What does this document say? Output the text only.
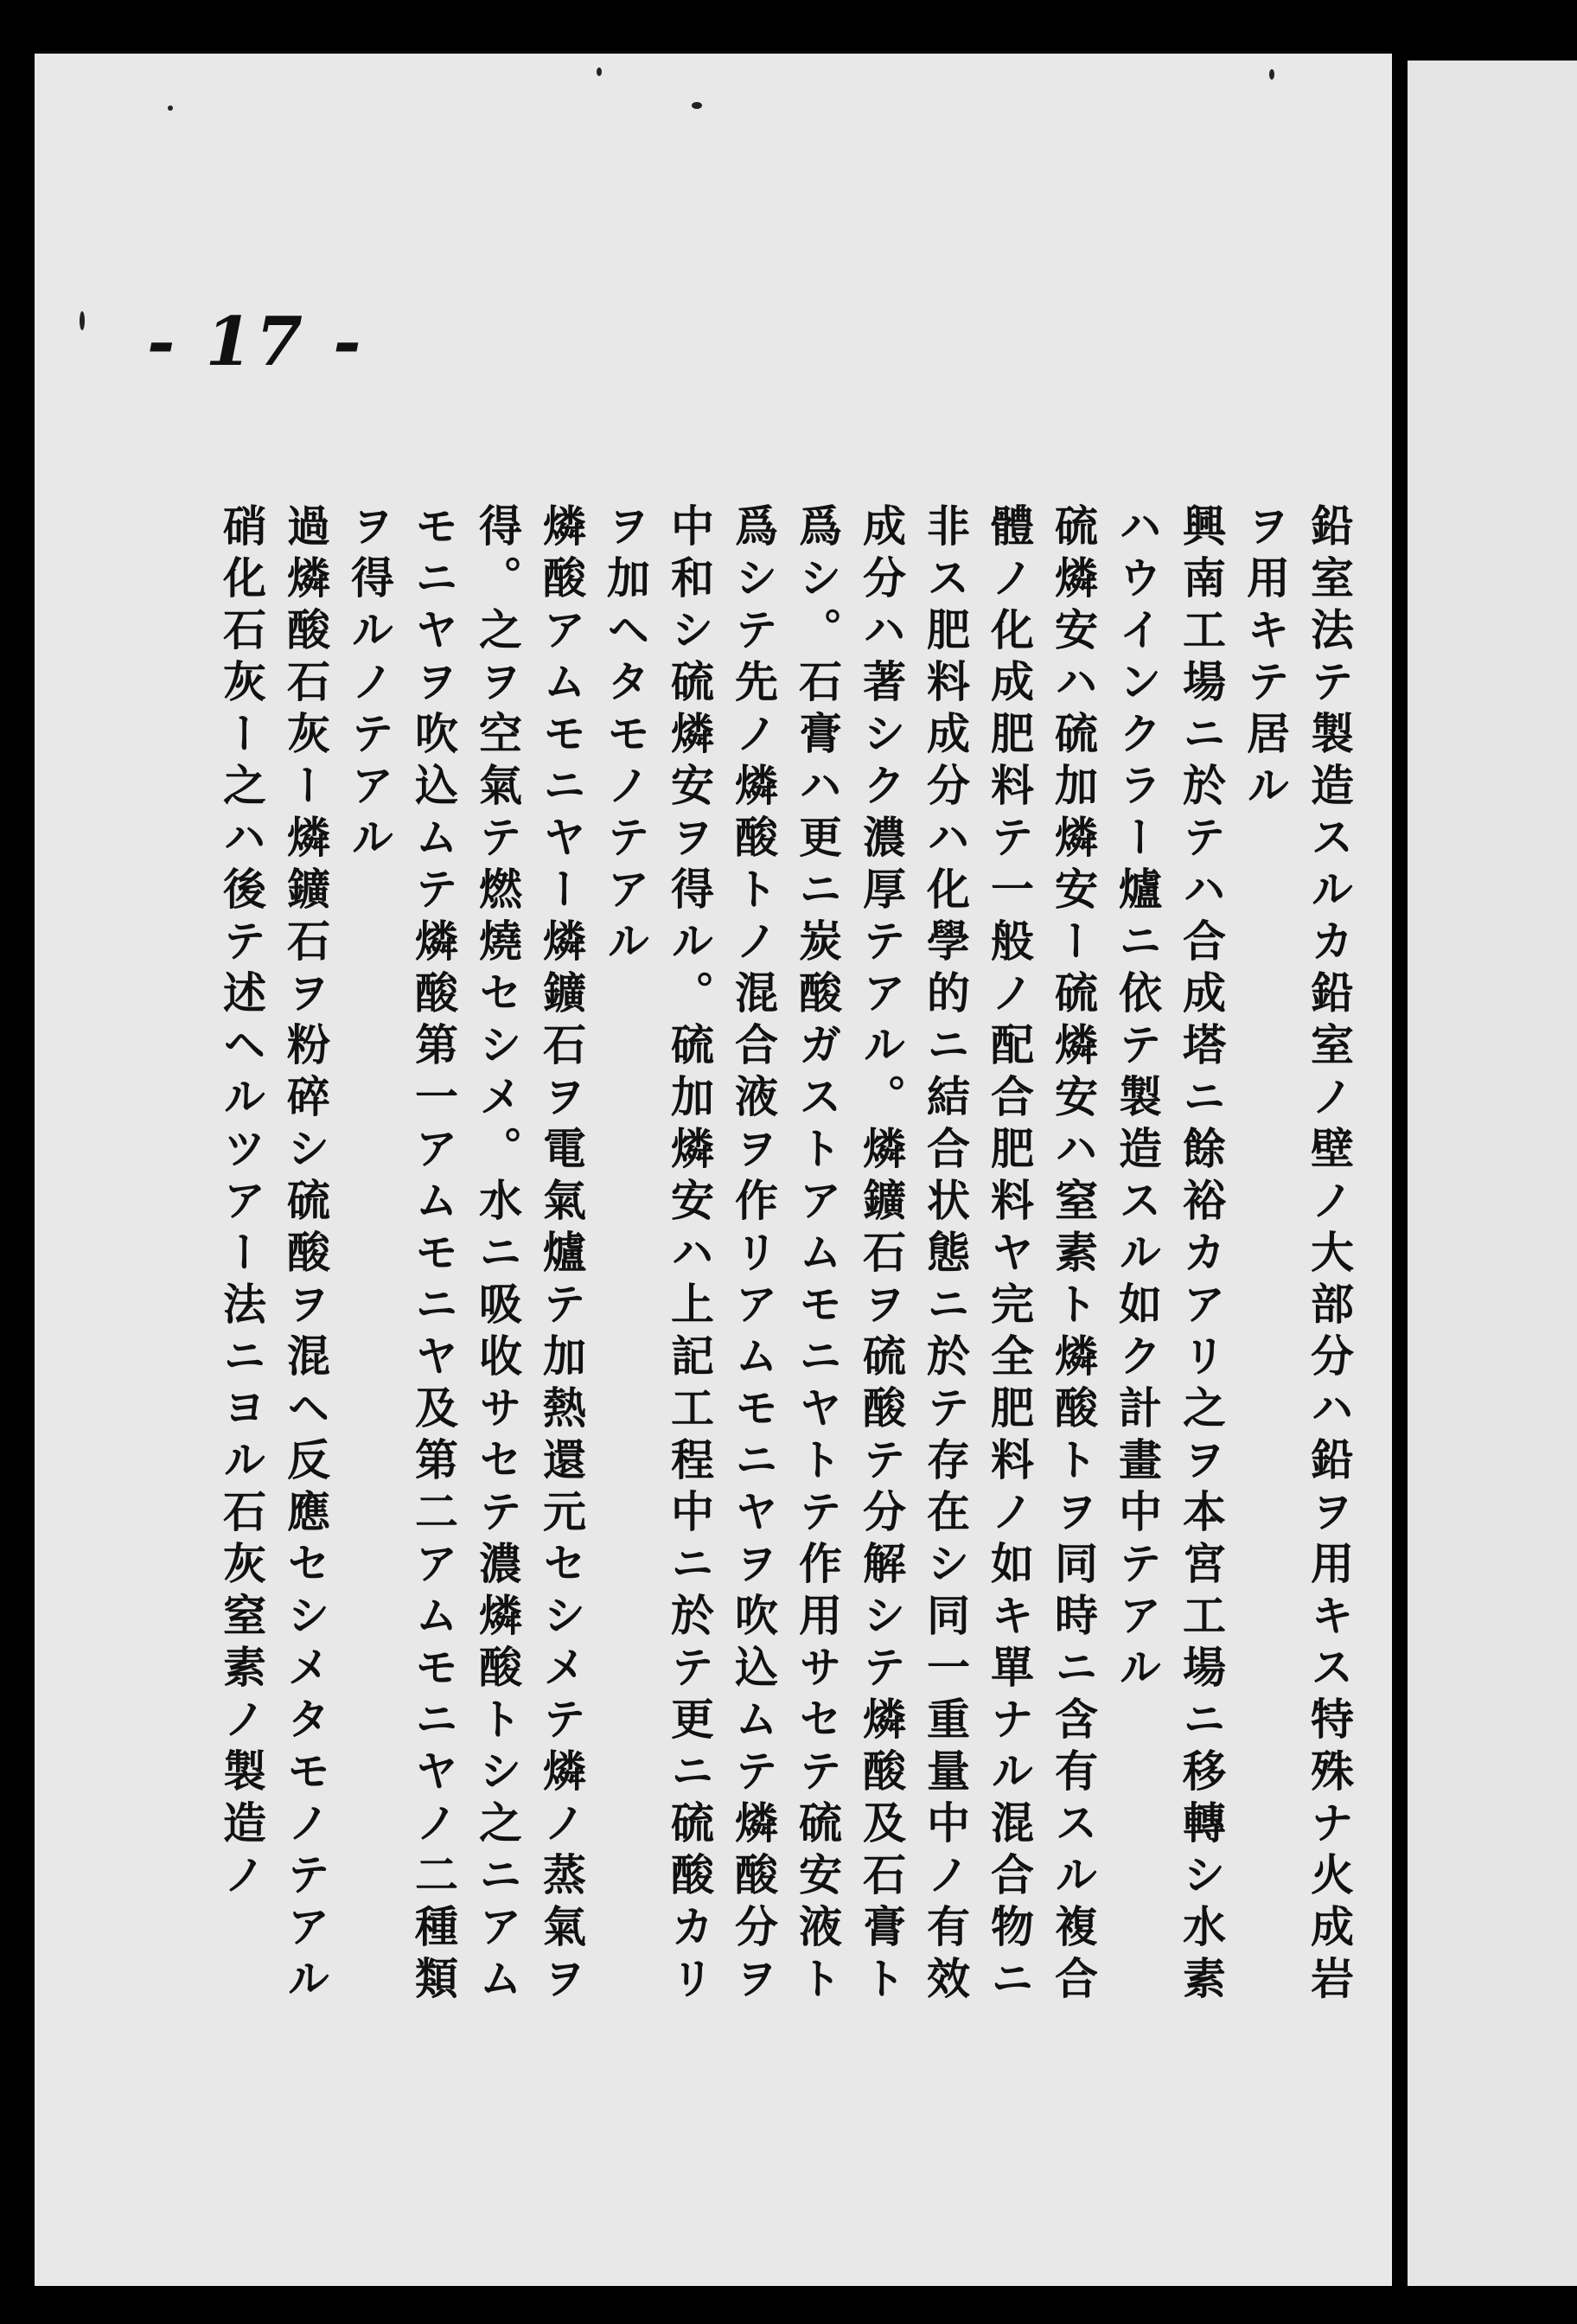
- 17 -
鉛室法テ製造スルカ鉛室ノ壁ノ大部分ハ鉛ヲ用キス特殊ナ火成岩
ヲ用キテ居ル
興南工場ニ於テハ合成塔ニ餘裕カアリ之ヲ本宮工場ニ移轉シ水素
ハウインクラー爐ニ依テ製造スル如ク計畫中テアル
硫燐安ハ硫加燐安ー硫燐安ハ窒素ト燐酸トヲ同時ニ含有スル複合
體ノ化成肥料テ一般ノ配合肥料ヤ完全肥料ノ如キ單ナル混合物ニ
非ス肥料成分ハ化學的ニ結合状態ニ於テ存在シ同一重量中ノ有效
成分ハ著シク濃厚テアル。燐鑛石ヲ硫酸テ分解シテ燐酸及石膏ト
爲シ。石膏ハ更ニ炭酸ガストアムモニヤトテ作用サセテ硫安液ト
爲シテ先ノ燐酸トノ混合液ヲ作リアムモニヤヲ吹込ムテ燐酸分ヲ
中和シ硫燐安ヲ得ル。硫加燐安ハ上記工程中ニ於テ更ニ硫酸カリ
ヲ加ヘタモノテアル
燐酸アムモニヤー燐鑛石ヲ電氣爐テ加熱還元セシメテ燐ノ蒸氣ヲ
得。之ヲ空氣テ燃燒セシメ。水ニ吸收サセテ濃燐酸トシ之ニアム
モニヤヲ吹込ムテ燐酸第一アムモニヤ及第二アムモニヤノ二種類
ヲ得ルノテアル
過燐酸石灰ー燐鑛石ヲ粉碎シ硫酸ヲ混ヘ反應セシメタモノテアル
硝化石灰ー之ハ後テ述ヘルツアー法ニヨル石灰窒素ノ製造ノ
